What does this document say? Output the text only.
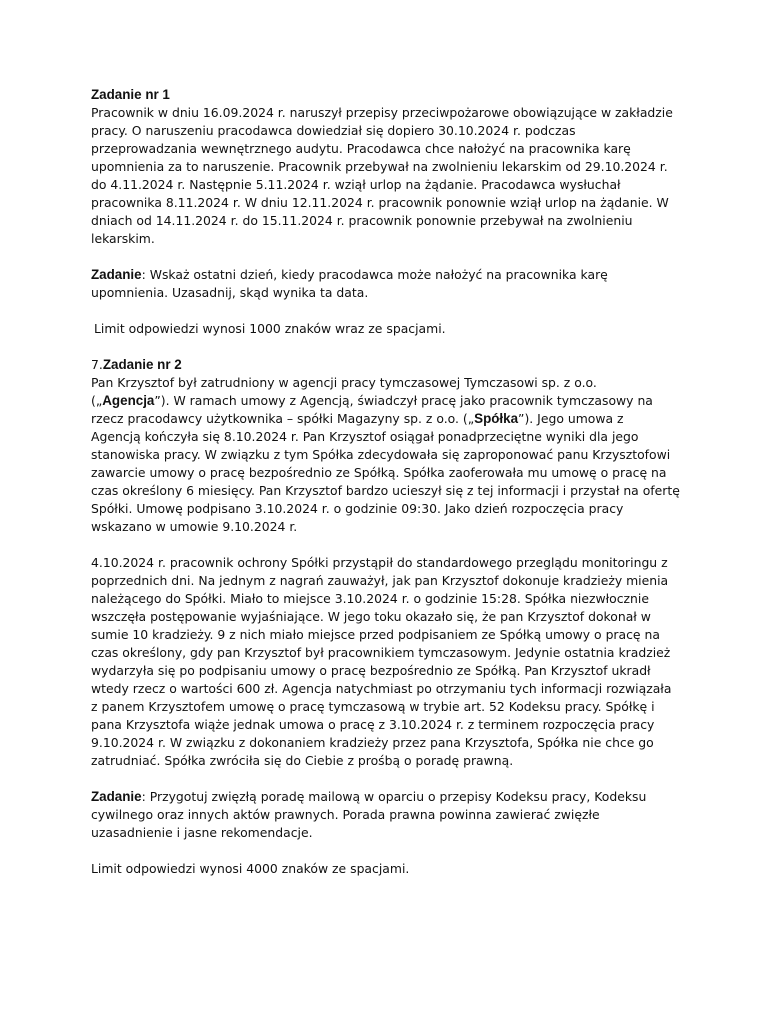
Zadanie nr 1

Pracownik w dniu 16.09.2024 r. naruszył przepisy przeciwpożarowe obowiązujące w zakładzie

pracy. O naruszeniu pracodawca dowiedział się dopiero 30.10.2024 r. podczas

przeprowadzania wewnętrznego audytu. Pracodawca chce nałożyć na pracownika karę

upomnienia za to naruszenie. Pracownik przebywał na zwolnieniu lekarskim od 29.10.2024 r.

do 4.11.2024 r. Następnie 5.11.2024 r. wziął urlop na żądanie. Pracodawca wysłuchał

pracownika 8.11.2024 r. W dniu 12.11.2024 r. pracownik ponownie wziął urlop na żądanie. W

dniach od 14.11.2024 r. do 15.11.2024 r. pracownik ponownie przebywał na zwolnieniu

lekarskim.

Zadanie: Wskaż ostatni dzień, kiedy pracodawca może nałożyć na pracownika karę

upomnienia. Uzasadnij, skąd wynika ta data.

Limit odpowiedzi wynosi 1000 znaków wraz ze spacjami.

7.Zadanie nr 2

Pan Krzysztof był zatrudniony w agencji pracy tymczasowej Tymczasowi sp. z o.o.

(„Agencja”). W ramach umowy z Agencją, świadczył pracę jako pracownik tymczasowy na

rzecz pracodawcy użytkownika – spółki Magazyny sp. z o.o. („Spółka”). Jego umowa z

Agencją kończyła się 8.10.2024 r. Pan Krzysztof osiągał ponadprzeciętne wyniki dla jego

stanowiska pracy. W związku z tym Spółka zdecydowała się zaproponować panu Krzysztofowi

zawarcie umowy o pracę bezpośrednio ze Spółką. Spółka zaoferowała mu umowę o pracę na

czas określony 6 miesięcy. Pan Krzysztof bardzo ucieszył się z tej informacji i przystał na ofertę

Spółki. Umowę podpisano 3.10.2024 r. o godzinie 09:30. Jako dzień rozpoczęcia pracy

wskazano w umowie 9.10.2024 r.

4.10.2024 r. pracownik ochrony Spółki przystąpił do standardowego przeglądu monitoringu z

poprzednich dni. Na jednym z nagrań zauważył, jak pan Krzysztof dokonuje kradzieży mienia

należącego do Spółki. Miało to miejsce 3.10.2024 r. o godzinie 15:28. Spółka niezwłocznie

wszczęła postępowanie wyjaśniające. W jego toku okazało się, że pan Krzysztof dokonał w

sumie 10 kradzieży. 9 z nich miało miejsce przed podpisaniem ze Spółką umowy o pracę na

czas określony, gdy pan Krzysztof był pracownikiem tymczasowym. Jedynie ostatnia kradzież

wydarzyła się po podpisaniu umowy o pracę bezpośrednio ze Spółką. Pan Krzysztof ukradł

wtedy rzecz o wartości 600 zł. Agencja natychmiast po otrzymaniu tych informacji rozwiązała

z panem Krzysztofem umowę o pracę tymczasową w trybie art. 52 Kodeksu pracy. Spółkę i

pana Krzysztofa wiąże jednak umowa o pracę z 3.10.2024 r. z terminem rozpoczęcia pracy

9.10.2024 r. W związku z dokonaniem kradzieży przez pana Krzysztofa, Spółka nie chce go

zatrudniać. Spółka zwróciła się do Ciebie z prośbą o poradę prawną.

Zadanie: Przygotuj zwięzłą poradę mailową w oparciu o przepisy Kodeksu pracy, Kodeksu

cywilnego oraz innych aktów prawnych. Porada prawna powinna zawierać zwięzłe

uzasadnienie i jasne rekomendacje.

Limit odpowiedzi wynosi 4000 znaków ze spacjami.
